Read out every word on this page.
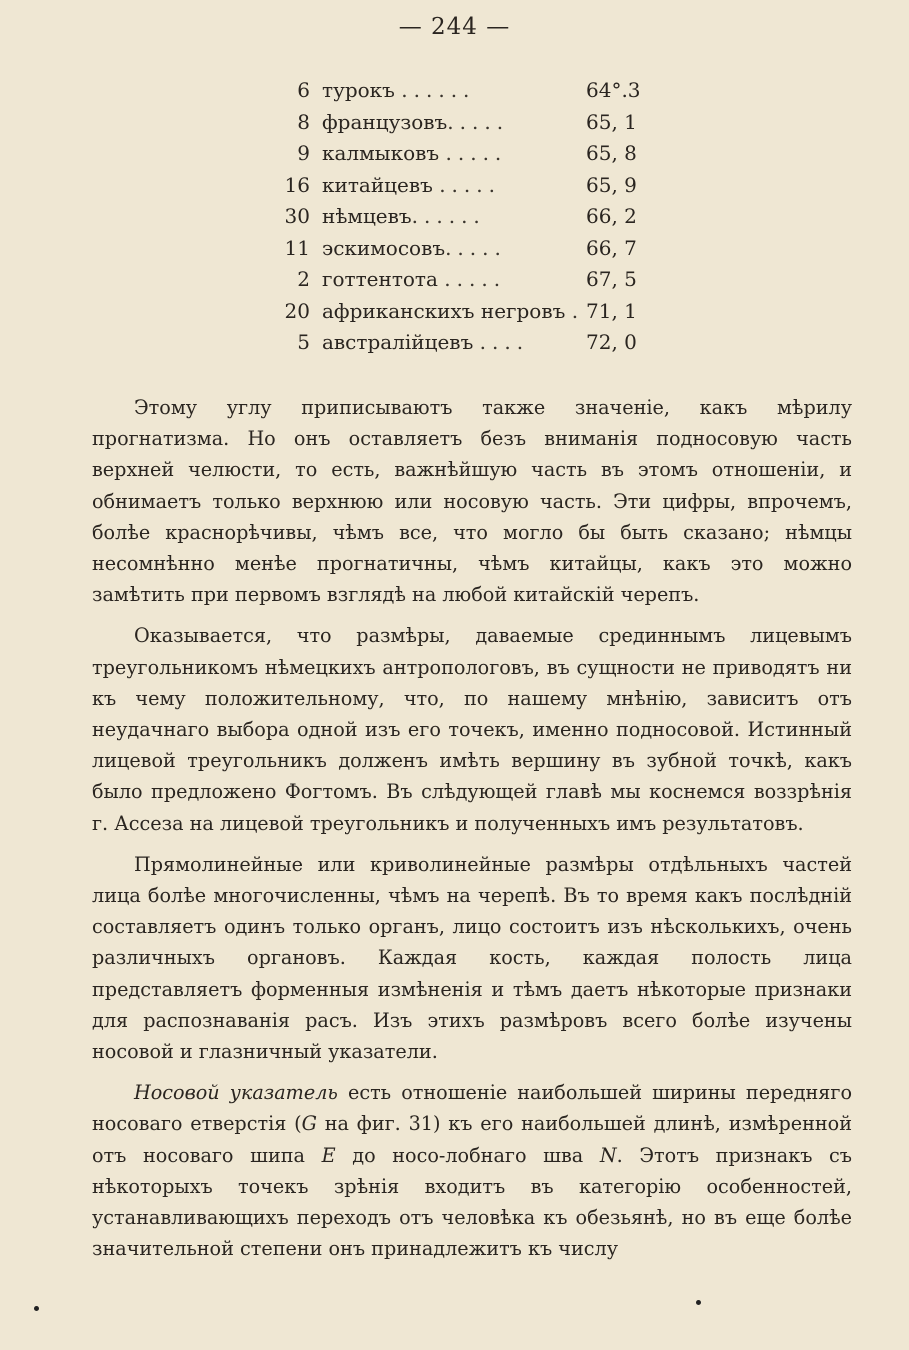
— 244 —
6 турокъ ......	64°.3
8 французовъ.....	65, 1
9 калмыковъ .....	65, 8
16 китайцевъ .....	65, 9
30 нѣмцевъ......	66, 2
11 эскимосовъ.....	66, 7
2 готтентота .....	67, 5
20 африканскихъ негровъ . 71, 1
5 австралійцевъ ....	72, 0

Этому углу приписываютъ также значеніе, какъ мѣрилу прогнатизма. Но онъ оставляетъ безъ вниманія подносовую часть верхней челюсти, то есть, важнѣйшую часть въ этомъ отношеніи, и обнимаетъ только верхнюю или носовую часть. Эти цифры, впрочемъ, болѣе краснорѣчивы, чѣмъ все, что могло бы быть сказано; нѣмцы несомнѣнно менѣе прогнатичны, чѣмъ китайцы, какъ это можно замѣтить при первомъ взглядѣ на любой китайскій черепъ.

Оказывается, что размѣры, даваемые срединнымъ лицевымъ треугольникомъ нѣмецкихъ антропологовъ, въ сущности не приводятъ ни къ чему положительному, что, по нашему мнѣнію, зависитъ отъ неудачнаго выбора одной изъ его точекъ, именно подносовой. Истинный лицевой треугольникъ долженъ имѣть вершину въ зубной точкѣ, какъ было предложено Фогтомъ. Въ слѣдующей главѣ мы коснемся воззрѣнія г. Ассеза на лицевой треугольникъ и полученныхъ имъ результатовъ.

Прямолинейные или криволинейные размѣры отдѣльныхъ частей лица болѣе многочисленны, чѣмъ на черепѣ. Въ то время какъ послѣдній составляетъ одинъ только органъ, лицо состоитъ изъ нѣсколькихъ, очень различныхъ органовъ. Каждая кость, каждая полость лица представляетъ форменныя измѣненія и тѣмъ даетъ нѣкоторые признаки для распознаванія расъ. Изъ этихъ размѣровъ всего болѣе изучены носовой и глазничный указатели.

Носовой указатель есть отношеніе наибольшей ширины передняго носоваго етверстія (G на фиг. 31) къ его наибольшей длинѣ, измѣренной отъ носоваго шипа E до носо-лобнаго шва N. Этотъ признакъ съ нѣкоторыхъ точекъ зрѣнія входитъ въ категорію особенностей, устанавливающихъ переходъ отъ человѣка къ обезьянѣ, но въ еще болѣе значительной степени онъ принадлежитъ къ числу
